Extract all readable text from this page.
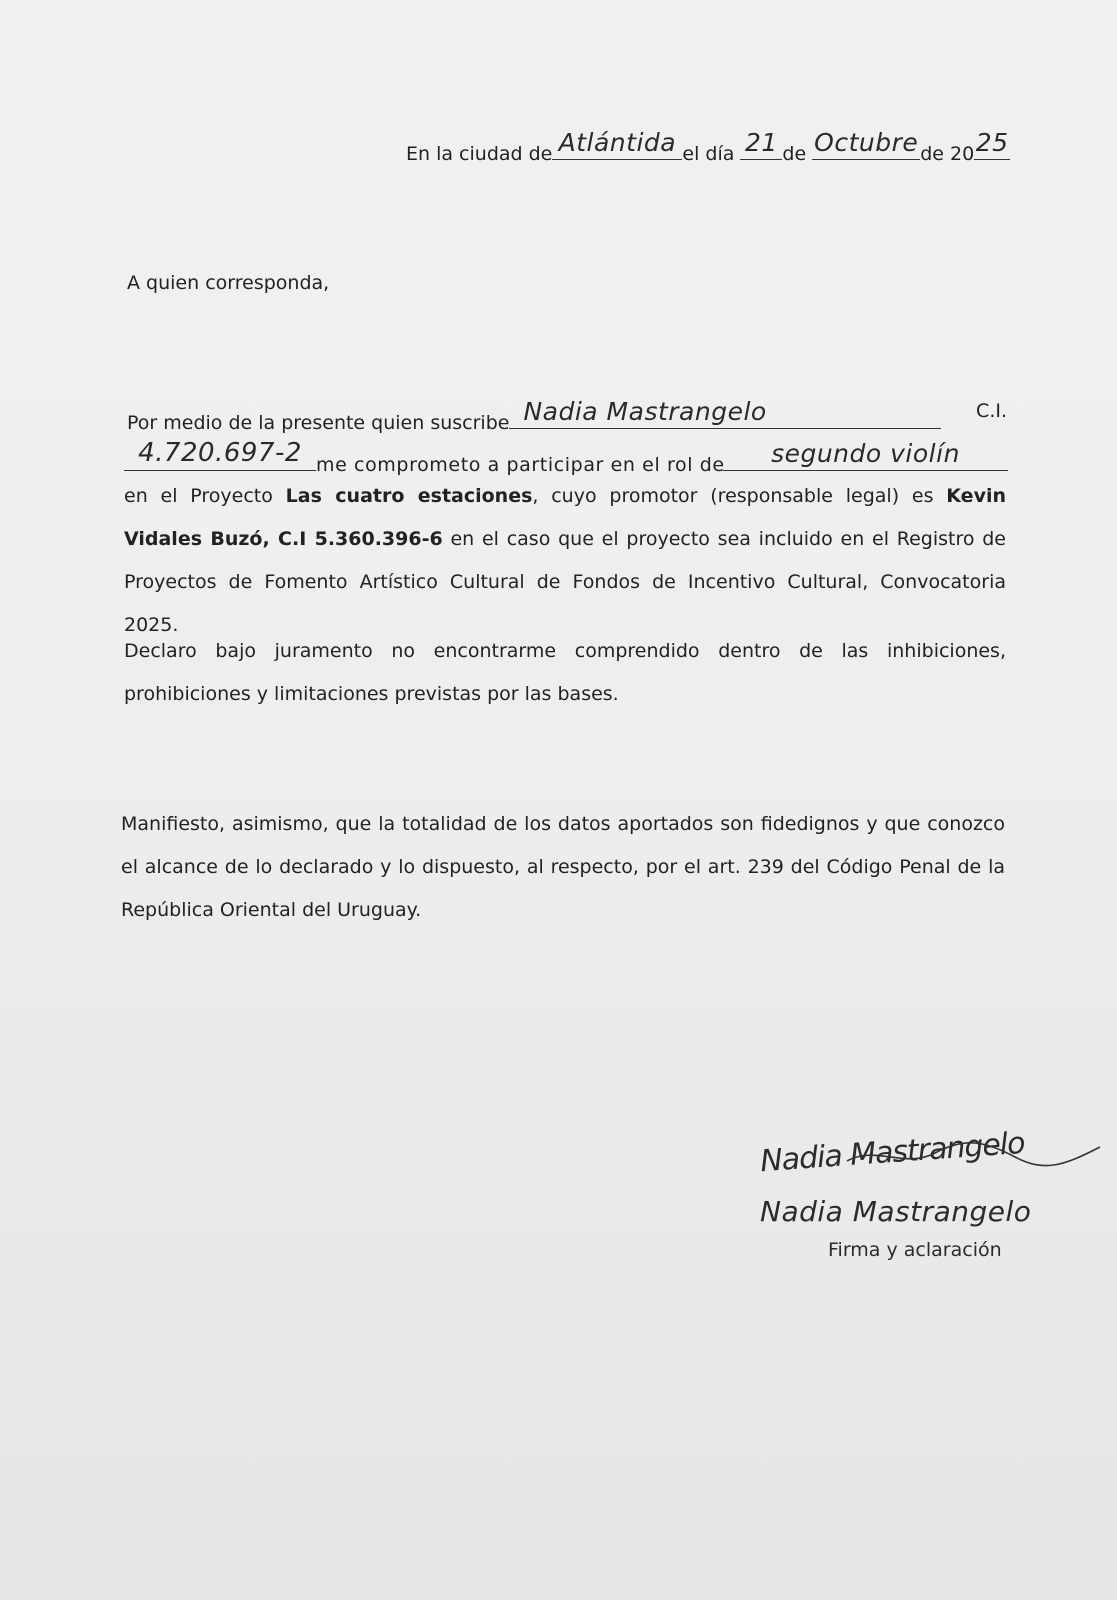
En la ciudad de Atlántida el día 21 de Octubre de 20 25
A quien corresponda,
Por medio de la presente quien suscribe Nadia Mastrangelo	C.I.
4.720.697-2 me comprometo a participar en el rol de	segundo violín
en el Proyecto Las cuatro estaciones, cuyo promotor (responsable legal) es Kevin Vidales Buzó, C.I 5.360.396-6 en el caso que el proyecto sea incluido en el Registro de Proyectos de Fomento Artístico Cultural de Fondos de Incentivo Cultural, Convocatoria 2025.
Declaro bajo juramento no encontrarme comprendido dentro de las inhibiciones, prohibiciones y limitaciones previstas por las bases.
Manifiesto, asimismo, que la totalidad de los datos aportados son fidedignos y que conozco el alcance de lo declarado y lo dispuesto, al respecto, por el art. 239 del Código Penal de la República Oriental del Uruguay.
Nadia Mastrangelo
Nadia Mastrangelo
Firma y aclaración
